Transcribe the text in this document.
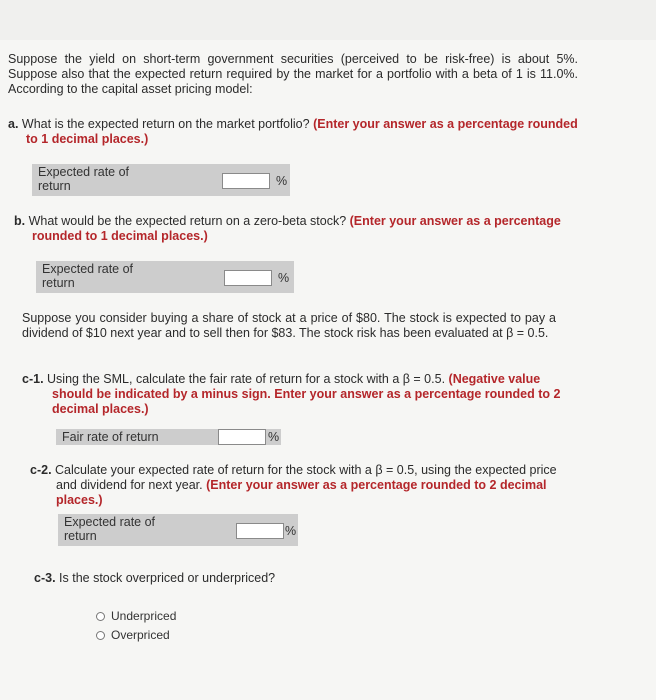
Suppose the yield on short-term government securities (perceived to be risk-free) is about 5%. Suppose also that the expected return required by the market for a portfolio with a beta of 1 is 11.0%. According to the capital asset pricing model:
a. What is the expected return on the market portfolio? (Enter your answer as a percentage rounded to 1 decimal places.)
Expected rate of return	%
b. What would be the expected return on a zero-beta stock? (Enter your answer as a percentage rounded to 1 decimal places.)
Expected rate of return	%
Suppose you consider buying a share of stock at a price of $80. The stock is expected to pay a dividend of $10 next year and to sell then for $83. The stock risk has been evaluated at β = 0.5.
c-1. Using the SML, calculate the fair rate of return for a stock with a β = 0.5. (Negative value should be indicated by a minus sign. Enter your answer as a percentage rounded to 2 decimal places.)
Fair rate of return	%
c-2. Calculate your expected rate of return for the stock with a β = 0.5, using the expected price and dividend for next year. (Enter your answer as a percentage rounded to 2 decimal places.)
Expected rate of return	%
c-3. Is the stock overpriced or underpriced?
Underpriced
Overpriced
